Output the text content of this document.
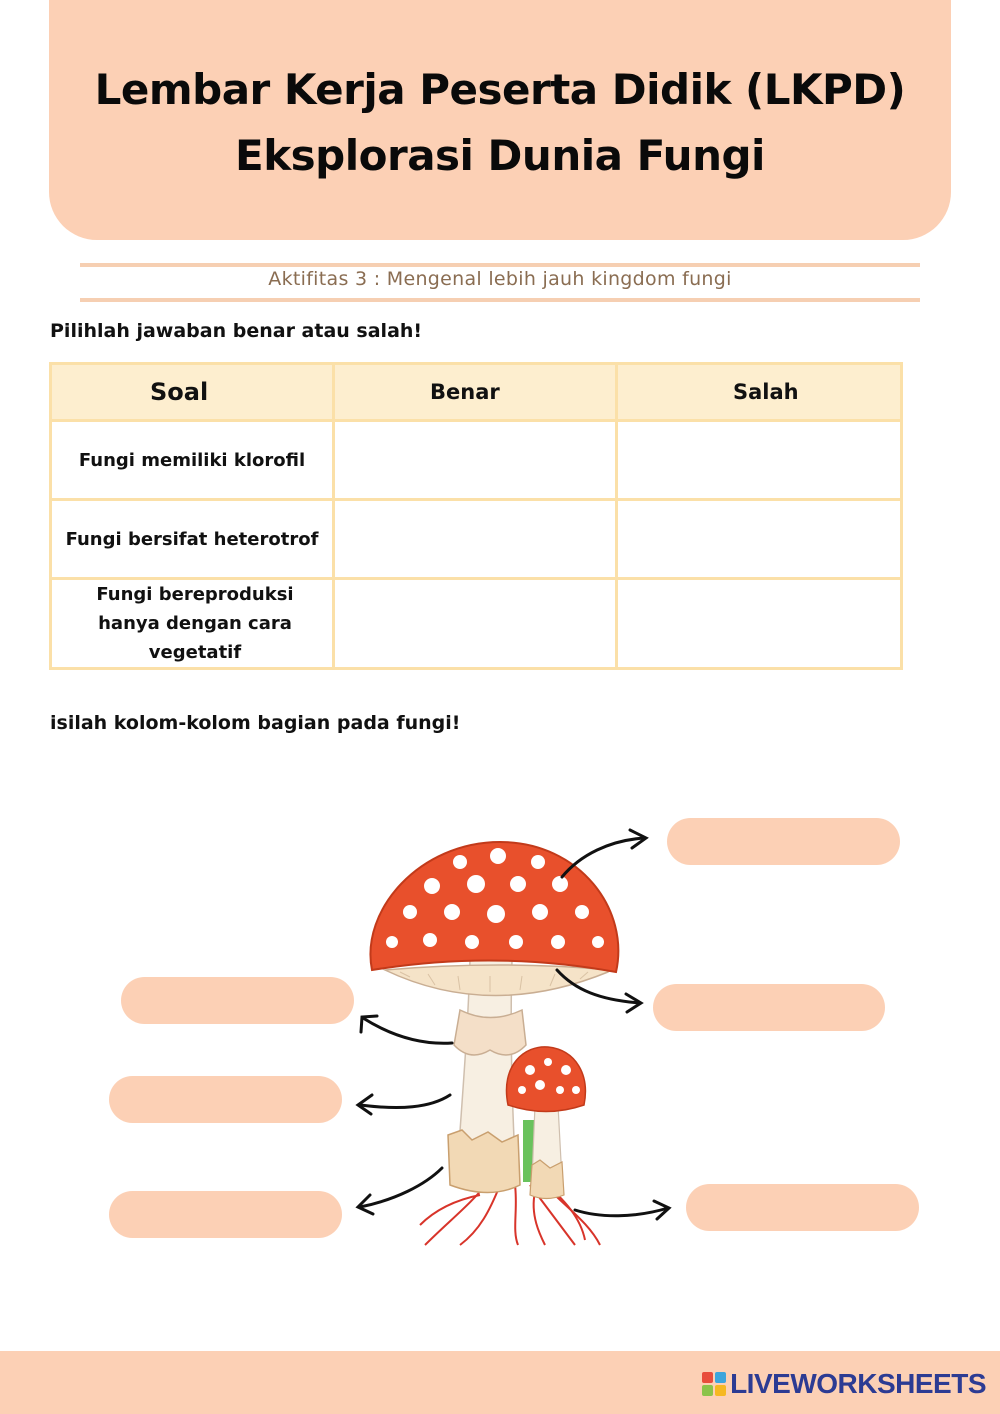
Lembar Kerja Peserta Didik (LKPD)
Eksplorasi Dunia Fungi
Aktifitas 3 : Mengenal lebih jauh kingdom fungi
Pilihlah jawaban benar atau salah!
Soal	Benar	Salah
Fungi memiliki klorofil		
Fungi bersifat heterotrof		
Fungi bereproduksi hanya dengan cara vegetatif		
isilah kolom-kolom bagian pada fungi!
LIVEWORKSHEETS
